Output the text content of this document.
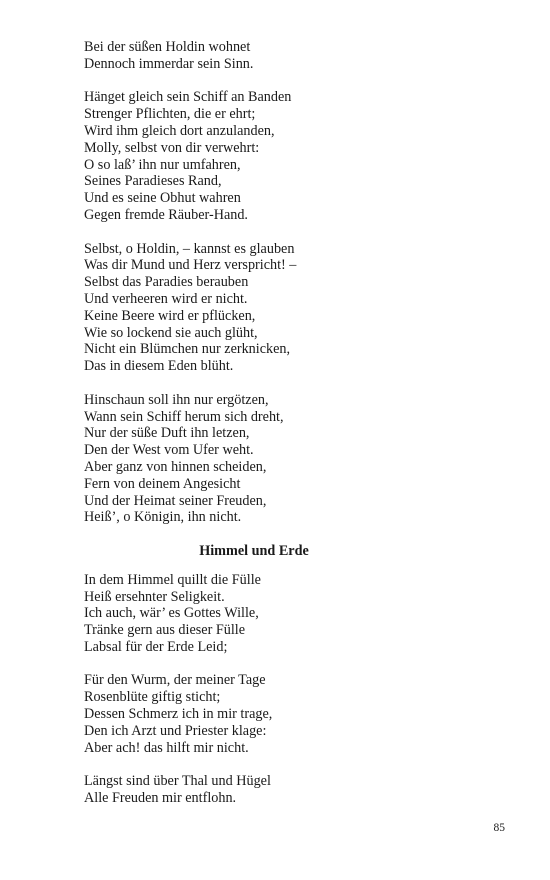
Bei der süßen Holdin wohnet
Dennoch immerdar sein Sinn.
Hänget gleich sein Schiff an Banden
Strenger Pflichten, die er ehrt;
Wird ihm gleich dort anzulanden,
Molly, selbst von dir verwehrt:
O so laß’ ihn nur umfahren,
Seines Paradieses Rand,
Und es seine Obhut wahren
Gegen fremde Räuber-Hand.
Selbst, o Holdin, – kannst es glauben
Was dir Mund und Herz verspricht! –
Selbst das Paradies berauben
Und verheeren wird er nicht.
Keine Beere wird er pflücken,
Wie so lockend sie auch glüht,
Nicht ein Blümchen nur zerknicken,
Das in diesem Eden blüht.
Hinschaun soll ihn nur ergötzen,
Wann sein Schiff herum sich dreht,
Nur der süße Duft ihn letzen,
Den der West vom Ufer weht.
Aber ganz von hinnen scheiden,
Fern von deinem Angesicht
Und der Heimat seiner Freuden,
Heiß’, o Königin, ihn nicht.
Himmel und Erde
In dem Himmel quillt die Fülle
Heiß ersehnter Seligkeit.
Ich auch, wär’ es Gottes Wille,
Tränke gern aus dieser Fülle
Labsal für der Erde Leid;
Für den Wurm, der meiner Tage
Rosenblüte giftig sticht;
Dessen Schmerz ich in mir trage,
Den ich Arzt und Priester klage:
Aber ach! das hilft mir nicht.
Längst sind über Thal und Hügel
Alle Freuden mir entflohn.
85
